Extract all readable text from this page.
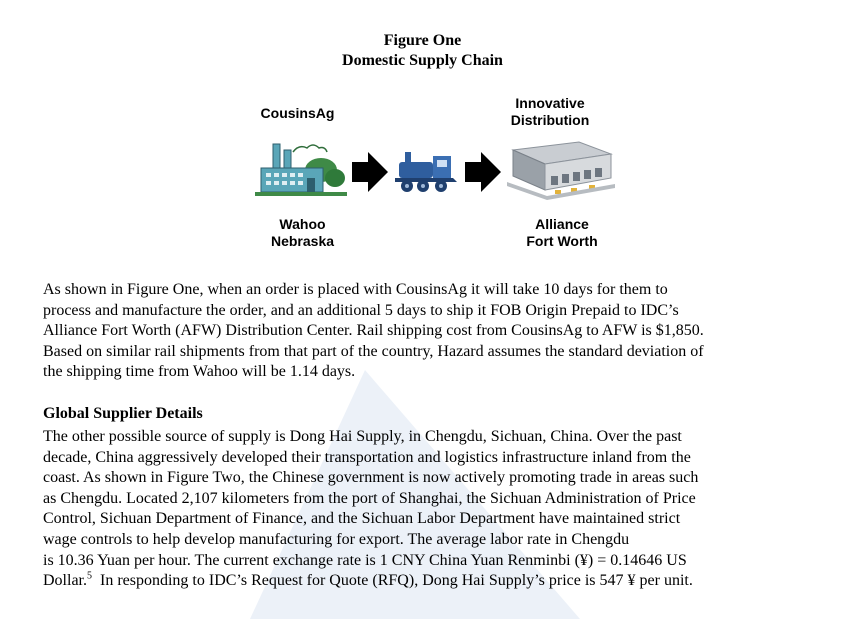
Figure One
Domestic Supply Chain
CousinsAg
Innovative
Distribution
Wahoo
Nebraska
Alliance
Fort Worth
As shown in Figure One, when an order is placed with CousinsAg it will take 10 days for them to
process and manufacture the order, and an additional 5 days to ship it FOB Origin Prepaid to IDC’s
Alliance Fort Worth (AFW) Distribution Center. Rail shipping cost from CousinsAg to AFW is $1,850.
Based on similar rail shipments from that part of the country, Hazard assumes the standard deviation of
the shipping time from Wahoo will be 1.14 days.
Global Supplier Details
The other possible source of supply is Dong Hai Supply, in Chengdu, Sichuan, China. Over the past
decade, China aggressively developed their transportation and logistics infrastructure inland from the
coast. As shown in Figure Two, the Chinese government is now actively promoting trade in areas such
as Chengdu. Located 2,107 kilometers from the port of Shanghai, the Sichuan Administration of Price
Control, Sichuan Department of Finance, and the Sichuan Labor Department have maintained strict
wage controls to help develop manufacturing for export. The average labor rate in Chengdu
is 10.36 Yuan per hour. The current exchange rate is 1 CNY China Yuan Renminbi (¥) = 0.14646 US
Dollar.$^5$  In responding to IDC’s Request for Quote (RFQ), Dong Hai Supply’s price is 547 ¥ per unit.
